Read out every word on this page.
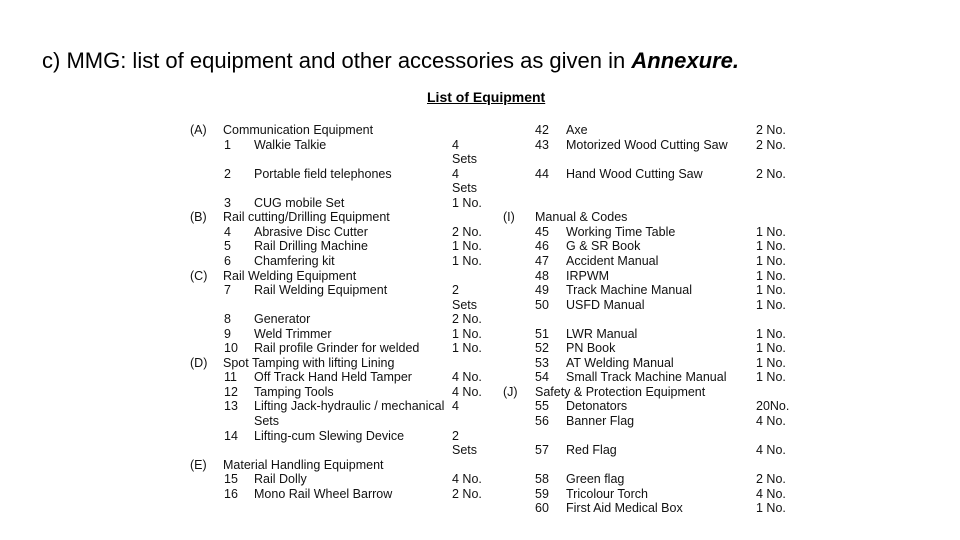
c) MMG: list of equipment and other accessories as given in Annexure.
List of Equipment
(A) Communication Equipment
1 Walkie Talkie	4
Sets
2 Portable field telephones	4
Sets
3 CUG mobile Set	1 No.
(B) Rail cutting/Drilling Equipment
4 Abrasive Disc Cutter	2 No.
5 Rail Drilling Machine	1 No.
6 Chamfering kit	1 No.
(C) Rail Welding Equipment
7 Rail Welding Equipment	2
Sets
8 Generator	2 No.
9 Weld Trimmer	1 No.
10 Rail profile Grinder for welded	1 No.
(D) Spot Tamping with lifting Lining
11 Off Track Hand Held Tamper	4 No.
12 Tamping Tools	4 No.
13 Lifting Jack-hydraulic / mechanical 4
Sets
14 Lifting-cum Slewing Device	2
Sets
(E) Material Handling Equipment
15 Rail Dolly	4 No.
16 Mono Rail Wheel Barrow	2 No.
42 Axe	2 No.
43 Motorized Wood Cutting Saw 2 No.
44 Hand Wood Cutting Saw	2 No.
(I) Manual & Codes
45 Working Time Table	1 No.
46 G & SR Book	1 No.
47 Accident Manual	1 No.
48 IRPWM	1 No.
49 Track Machine Manual	1 No.
50 USFD Manual	1 No.
51 LWR Manual	1 No.
52 PN Book	1 No.
53 AT Welding Manual	1 No.
54 Small Track Machine Manual 1 No.
(J) Safety & Protection Equipment
55 Detonators	20No.
56 Banner Flag	4 No.
57 Red Flag	4 No.
58 Green flag	2 No.
59 Tricolour Torch	4 No.
60 First Aid Medical Box	1 No.
